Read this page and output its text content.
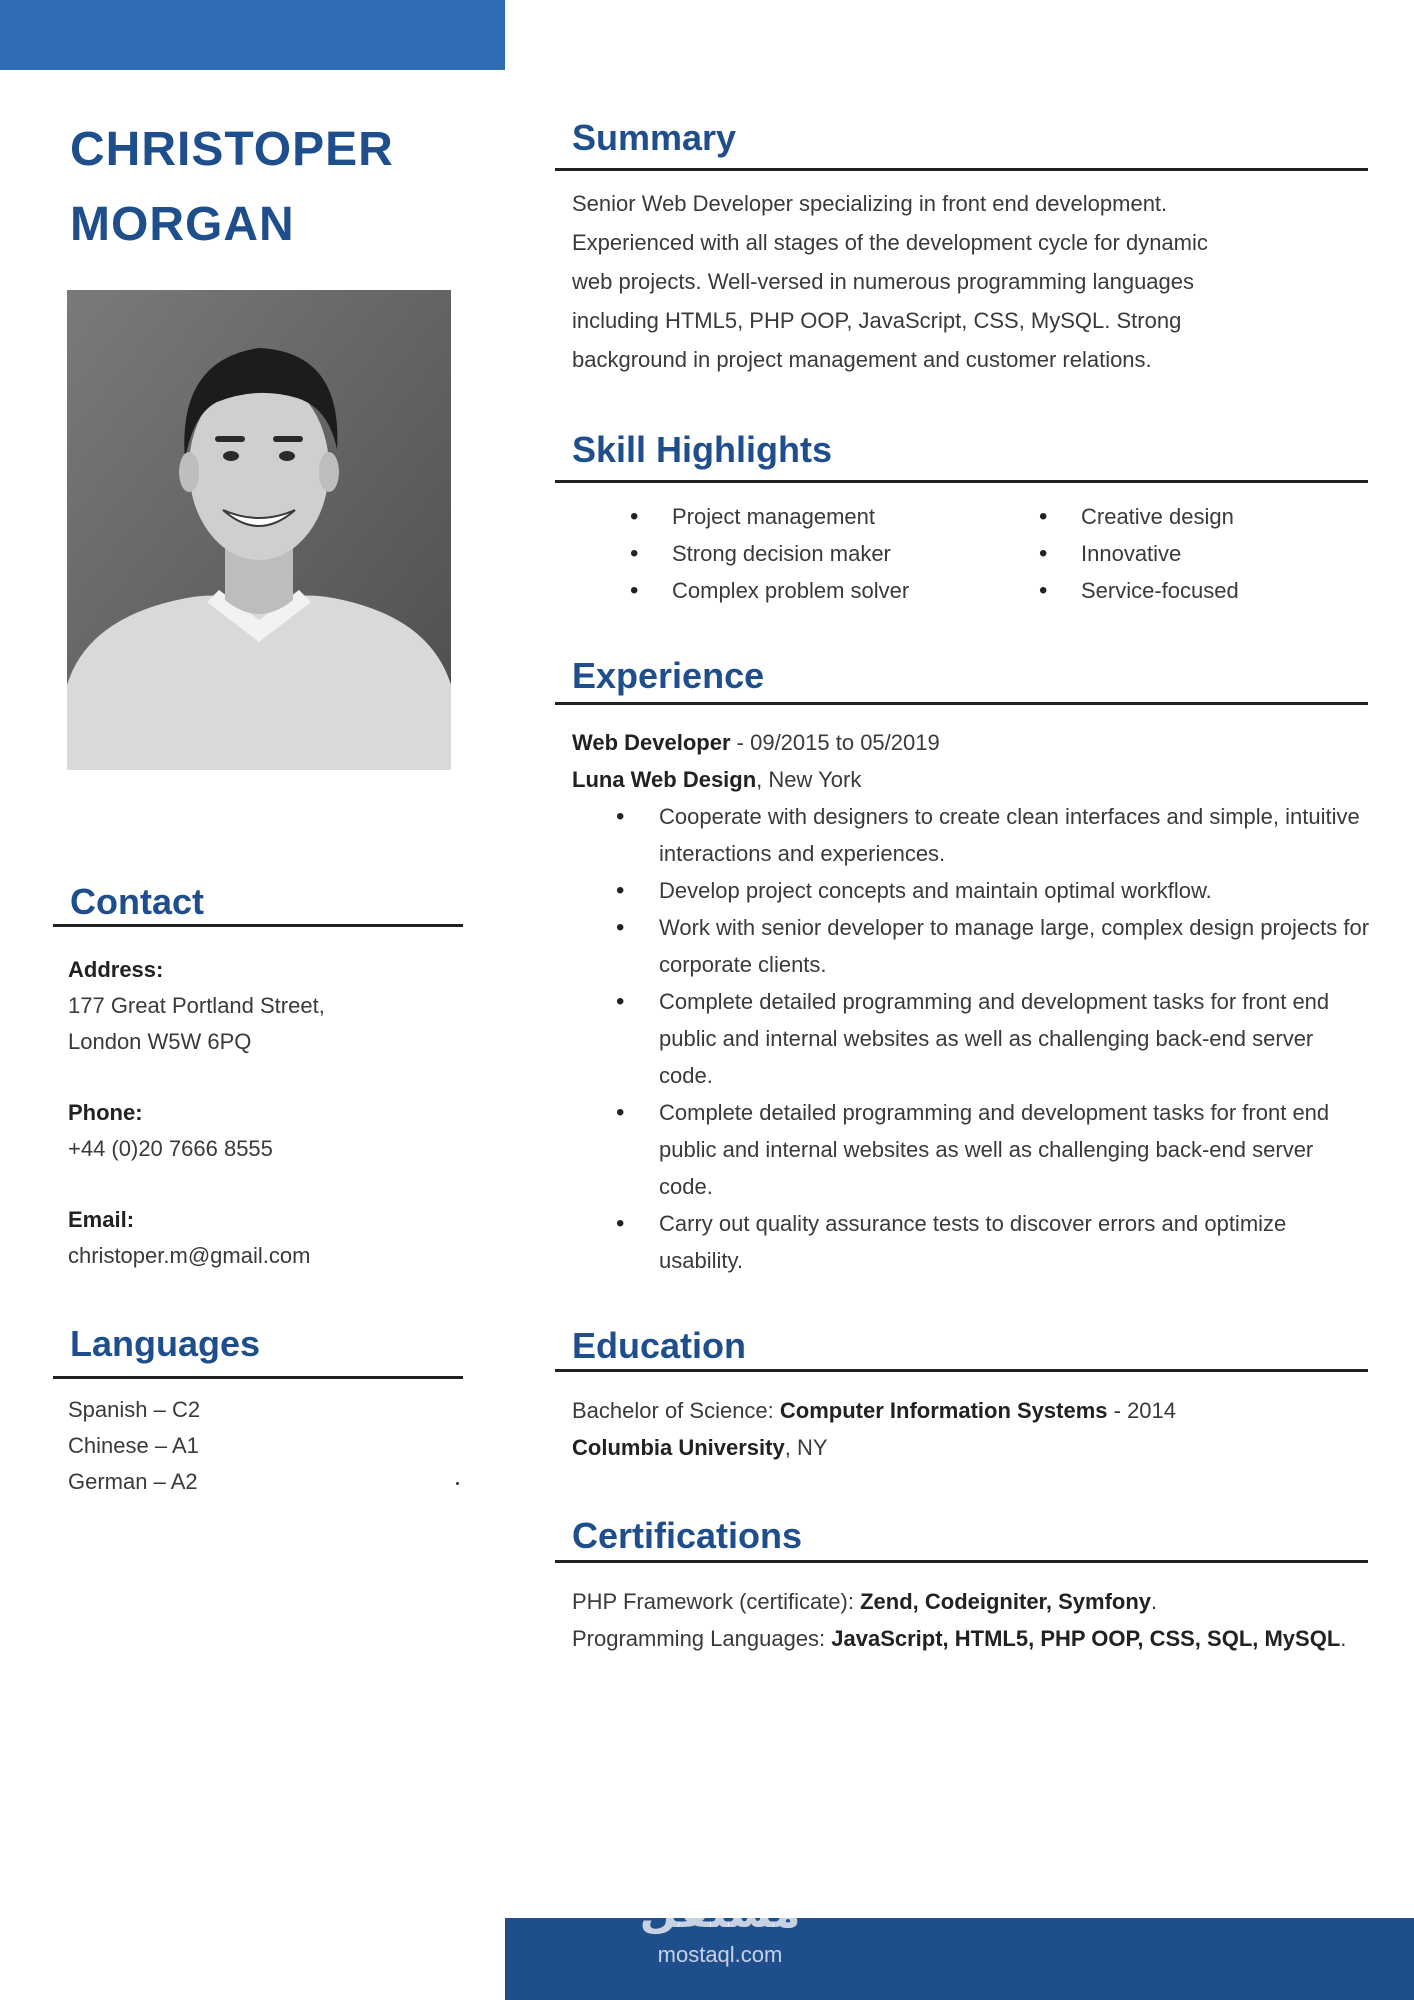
CHRISTOPER
MORGAN
Contact
Address:
177 Great Portland Street,
London W5W 6PQ
Phone:
+44 (0)20 7666 8555
Email:
christoper.m@gmail.com
Languages
Spanish – C2
Chinese – A1
German – A2
Summary
Senior Web Developer specializing in front end development.
Experienced with all stages of the development cycle for dynamic
web projects. Well-versed in numerous programming languages
including HTML5, PHP OOP, JavaScript, CSS, MySQL. Strong
background in project management and customer relations.
Skill Highlights
• Project management
• Strong decision maker
• Complex problem solver
• Creative design
• Innovative
• Service-focused
Experience
Web Developer - 09/2015 to 05/2019
Luna Web Design, New York
• Cooperate with designers to create clean interfaces and simple, intuitive interactions and experiences.
• Develop project concepts and maintain optimal workflow.
• Work with senior developer to manage large, complex design projects for corporate clients.
• Complete detailed programming and development tasks for front end public and internal websites as well as challenging back-end server code.
• Complete detailed programming and development tasks for front end public and internal websites as well as challenging back-end server code.
• Carry out quality assurance tests to discover errors and optimize usability.
Education
Bachelor of Science: Computer Information Systems - 2014
Columbia University, NY
Certifications
PHP Framework (certificate): Zend, Codeigniter, Symfony.
Programming Languages: JavaScript, HTML5, PHP OOP, CSS, SQL, MySQL.
مستقل
mostaql.com
